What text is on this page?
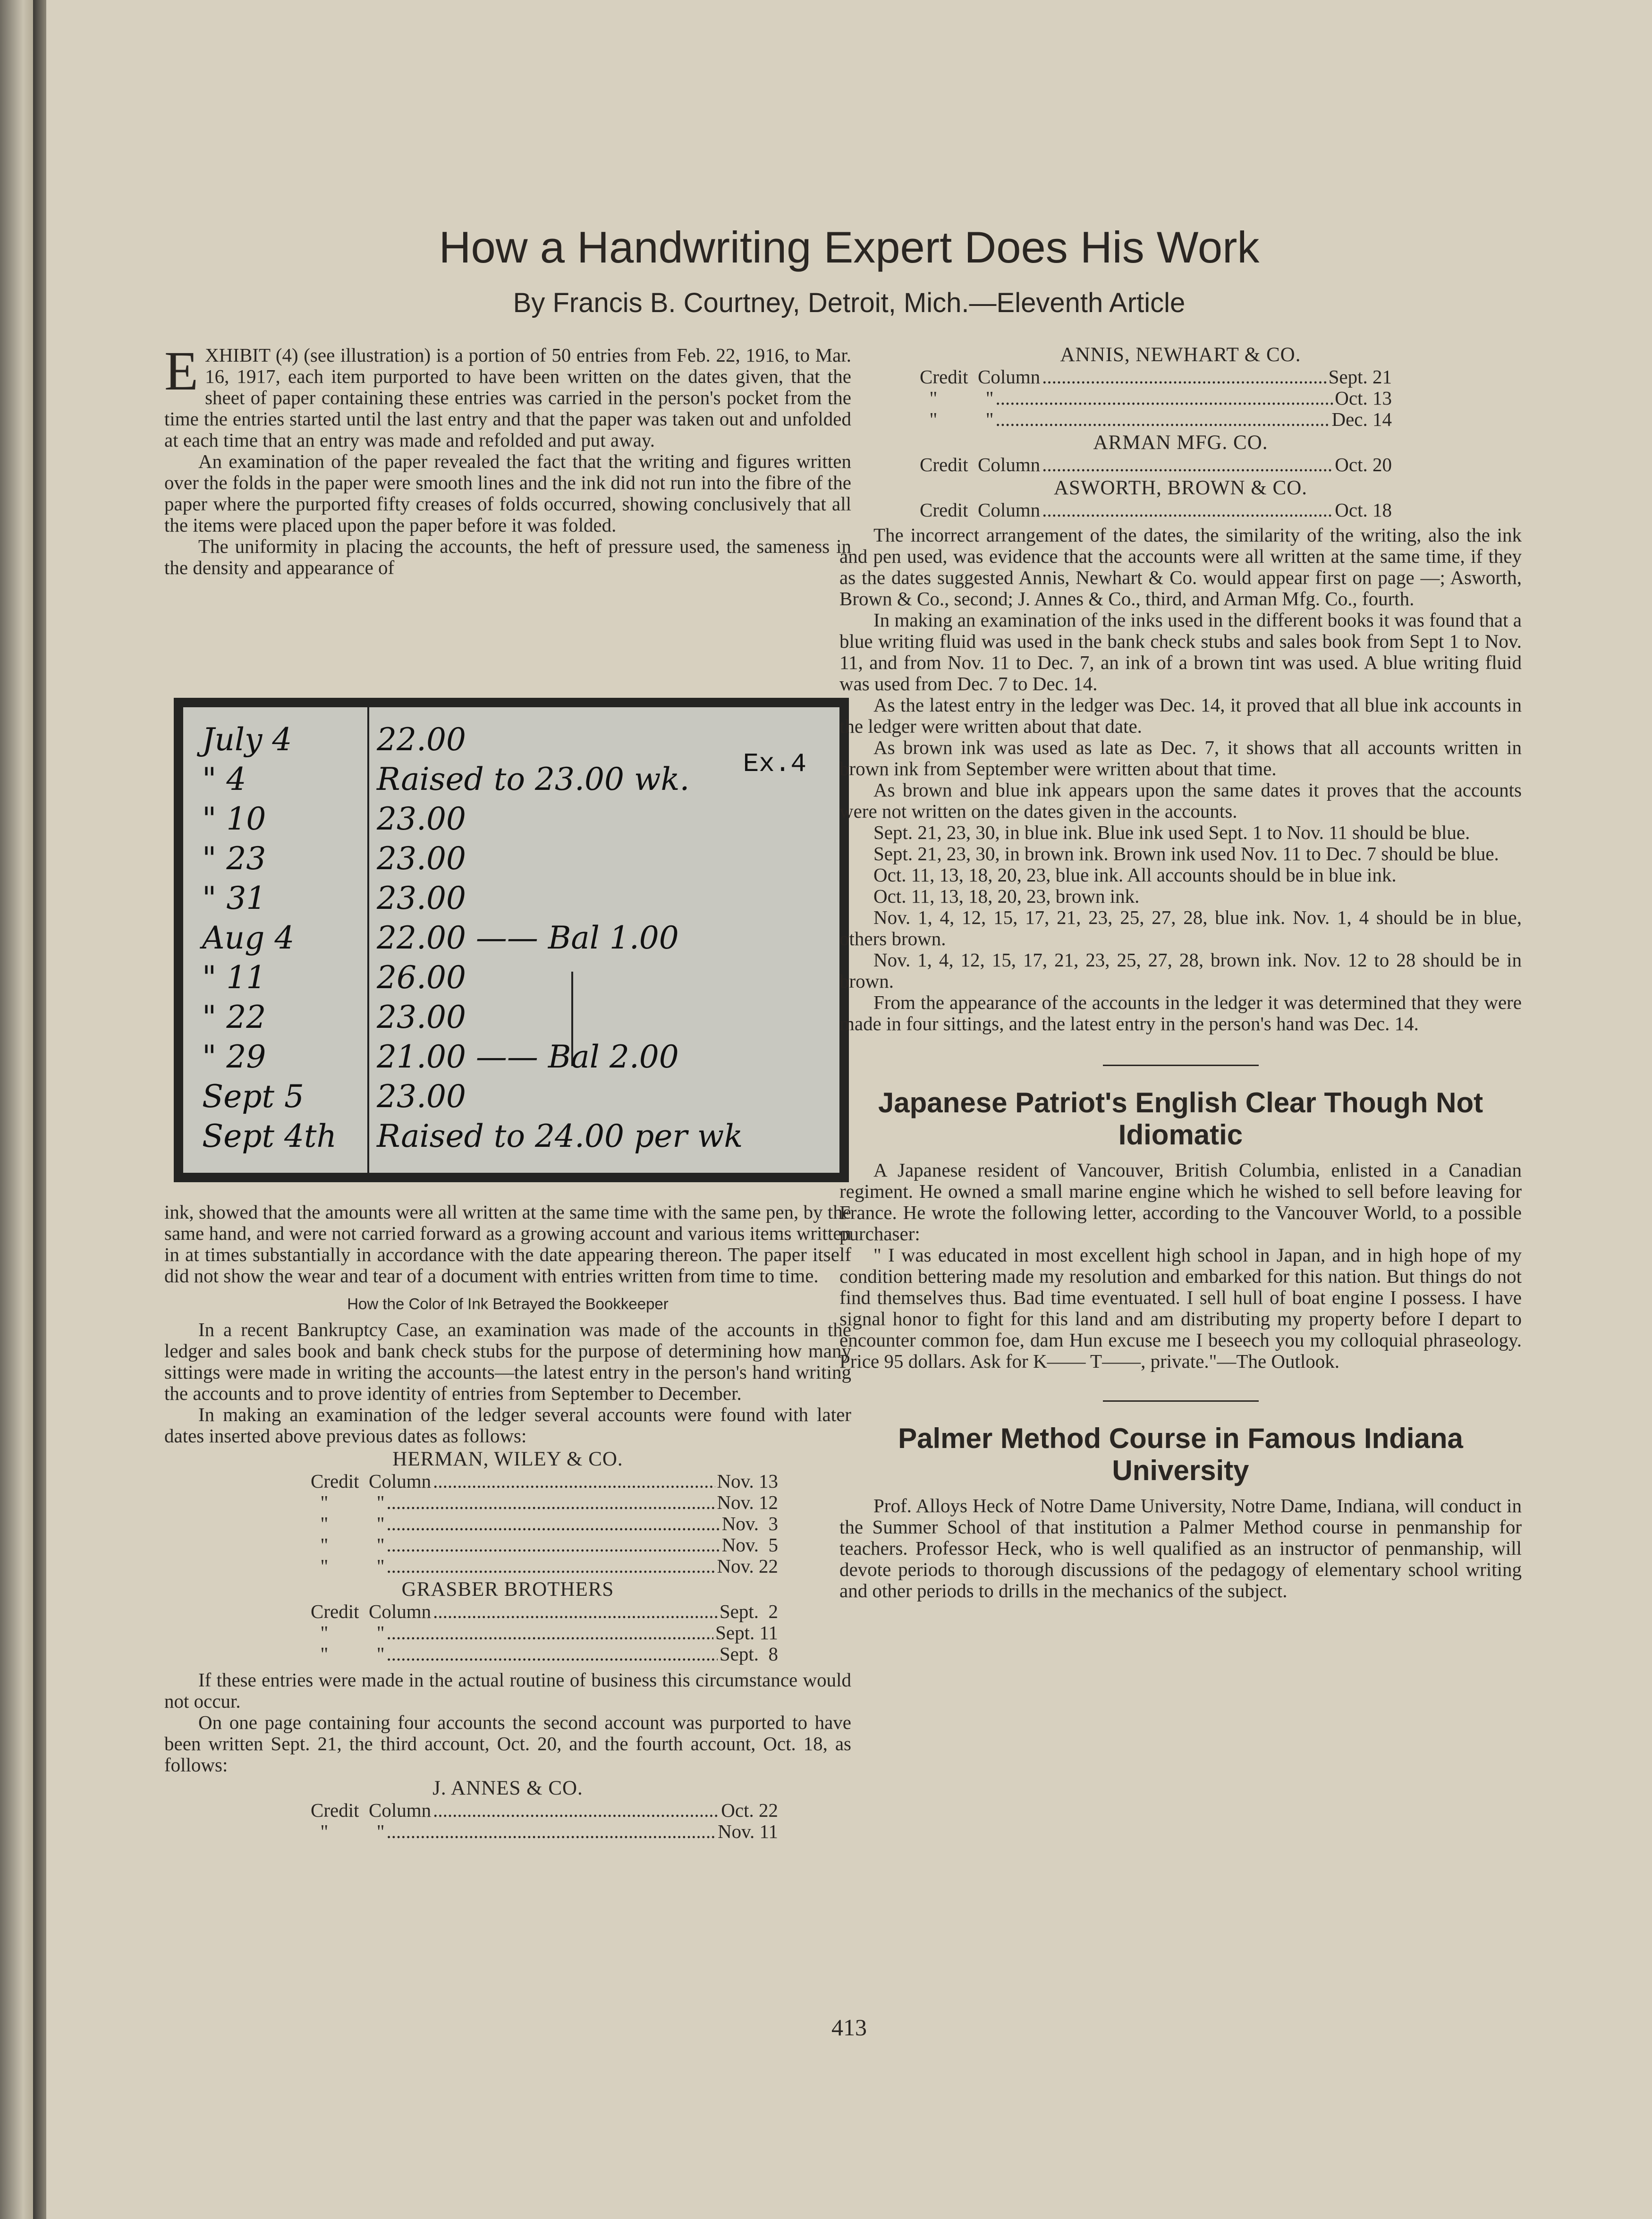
How a Handwriting Expert Does His Work
By Francis B. Courtney, Detroit, Mich.—Eleventh Article

EXHIBIT (4) (see illustration) is a portion of 50 entries from Feb. 22, 1916, to Mar. 16, 1917, each item purported to have been written on the dates given, that the sheet of paper containing these entries was carried in the person's pocket from the time the entries started until the last entry and that the paper was taken out and unfolded at each time that an entry was made and refolded and put away.

An examination of the paper revealed the fact that the writing and figures written over the folds in the paper were smooth lines and the ink did not run into the fibre of the paper where the purported fifty creases of folds occurred, showing conclusively that all the items were placed upon the paper before it was folded.

The uniformity in placing the accounts, the heft of pressure used, the sameness in the density and appearance of

Ex.4
July 4	22.00
" 4	Raised to 23.00 wk.
" 10	23.00
" 23	23.00
" 31	23.00
Aug 4	22.00 —— Bal 1.00
" 11	26.00
" 22	23.00
" 29	21.00 —— Bal 2.00
Sept 5 23.00
Sept 4th Raised to 24.00 per wk

ink, showed that the amounts were all written at the same time with the same pen, by the same hand, and were not carried forward as a growing account and various items written in at times substantially in accordance with the date appearing thereon. The paper itself did not show the wear and tear of a document with entries written from time to time.

How the Color of Ink Betrayed the Bookkeeper

In a recent Bankruptcy Case, an examination was made of the accounts in the ledger and sales book and bank check stubs for the purpose of determining how many sittings were made in writing the accounts—the latest entry in the person's hand writing the accounts and to prove identity of entries from September to December.

In making an examination of the ledger several accounts were found with later dates inserted above previous dates as follows:

HERMAN, WILEY & CO.
Credit  Column .....	Nov. 13
"          " .....	Nov. 12
"          " .....	Nov.  3
"          " .....	Nov.  5
"          " .....	Nov. 22
GRASBER BROTHERS
Credit  Column .....	Sept.  2
"          " .....	Sept. 11
"          " .....	Sept.  8

If these entries were made in the actual routine of business this circumstance would not occur.

On one page containing four accounts the second account was purported to have been written Sept. 21, the third account, Oct. 20, and the fourth account, Oct. 18, as follows:

J. ANNES & CO.
Credit  Column .....	Oct. 22
"          " .....	Nov. 11
ANNIS, NEWHART & CO.
Credit  Column .....	Sept. 21
"          " .....	Oct. 13
"          " .....	Dec. 14
ARMAN MFG. CO.
Credit  Column .....	Oct. 20
ASWORTH, BROWN & CO.
Credit  Column .....	Oct. 18

The incorrect arrangement of the dates, the similarity of the writing, also the ink and pen used, was evidence that the accounts were all written at the same time, if they as the dates suggested Annis, Newhart & Co. would appear first on page —; Asworth, Brown & Co., second; J. Annes & Co., third, and Arman Mfg. Co., fourth.

In making an examination of the inks used in the different books it was found that a blue writing fluid was used in the bank check stubs and sales book from Sept 1 to Nov. 11, and from Nov. 11 to Dec. 7, an ink of a brown tint was used. A blue writing fluid was used from Dec. 7 to Dec. 14.

As the latest entry in the ledger was Dec. 14, it proved that all blue ink accounts in the ledger were written about that date.

As brown ink was used as late as Dec. 7, it shows that all accounts written in brown ink from September were written about that time.

As brown and blue ink appears upon the same dates it proves that the accounts were not written on the dates given in the accounts.

Sept. 21, 23, 30, in blue ink. Blue ink used Sept. 1 to Nov. 11 should be blue.

Sept. 21, 23, 30, in brown ink. Brown ink used Nov. 11 to Dec. 7 should be blue.

Oct. 11, 13, 18, 20, 23, blue ink. All accounts should be in blue ink.

Oct. 11, 13, 18, 20, 23, brown ink.

Nov. 1, 4, 12, 15, 17, 21, 23, 25, 27, 28, blue ink. Nov. 1, 4 should be in blue, others brown.

Nov. 1, 4, 12, 15, 17, 21, 23, 25, 27, 28, brown ink. Nov. 12 to 28 should be in brown.

From the appearance of the accounts in the ledger it was determined that they were made in four sittings, and the latest entry in the person's hand was Dec. 14.

Japanese Patriot's English Clear Though Not Idiomatic

A Japanese resident of Vancouver, British Columbia, enlisted in a Canadian regiment. He owned a small marine engine which he wished to sell before leaving for France. He wrote the following letter, according to the Vancouver World, to a possible purchaser:

" I was educated in most excellent high school in Japan, and in high hope of my condition bettering made my resolution and embarked for this nation. But things do not find themselves thus. Bad time eventuated. I sell hull of boat engine I possess. I have signal honor to fight for this land and am distributing my property before I depart to encounter common foe, dam Hun excuse me I beseech you my colloquial phraseology. Price 95 dollars. Ask for K—— T——, private."—The Outlook.

Palmer Method Course in Famous Indiana University

Prof. Alloys Heck of Notre Dame University, Notre Dame, Indiana, will conduct in the Summer School of that institution a Palmer Method course in penmanship for teachers. Professor Heck, who is well qualified as an instructor of penmanship, will devote periods to thorough discussions of the pedagogy of elementary school writing and other periods to drills in the mechanics of the subject.

413
